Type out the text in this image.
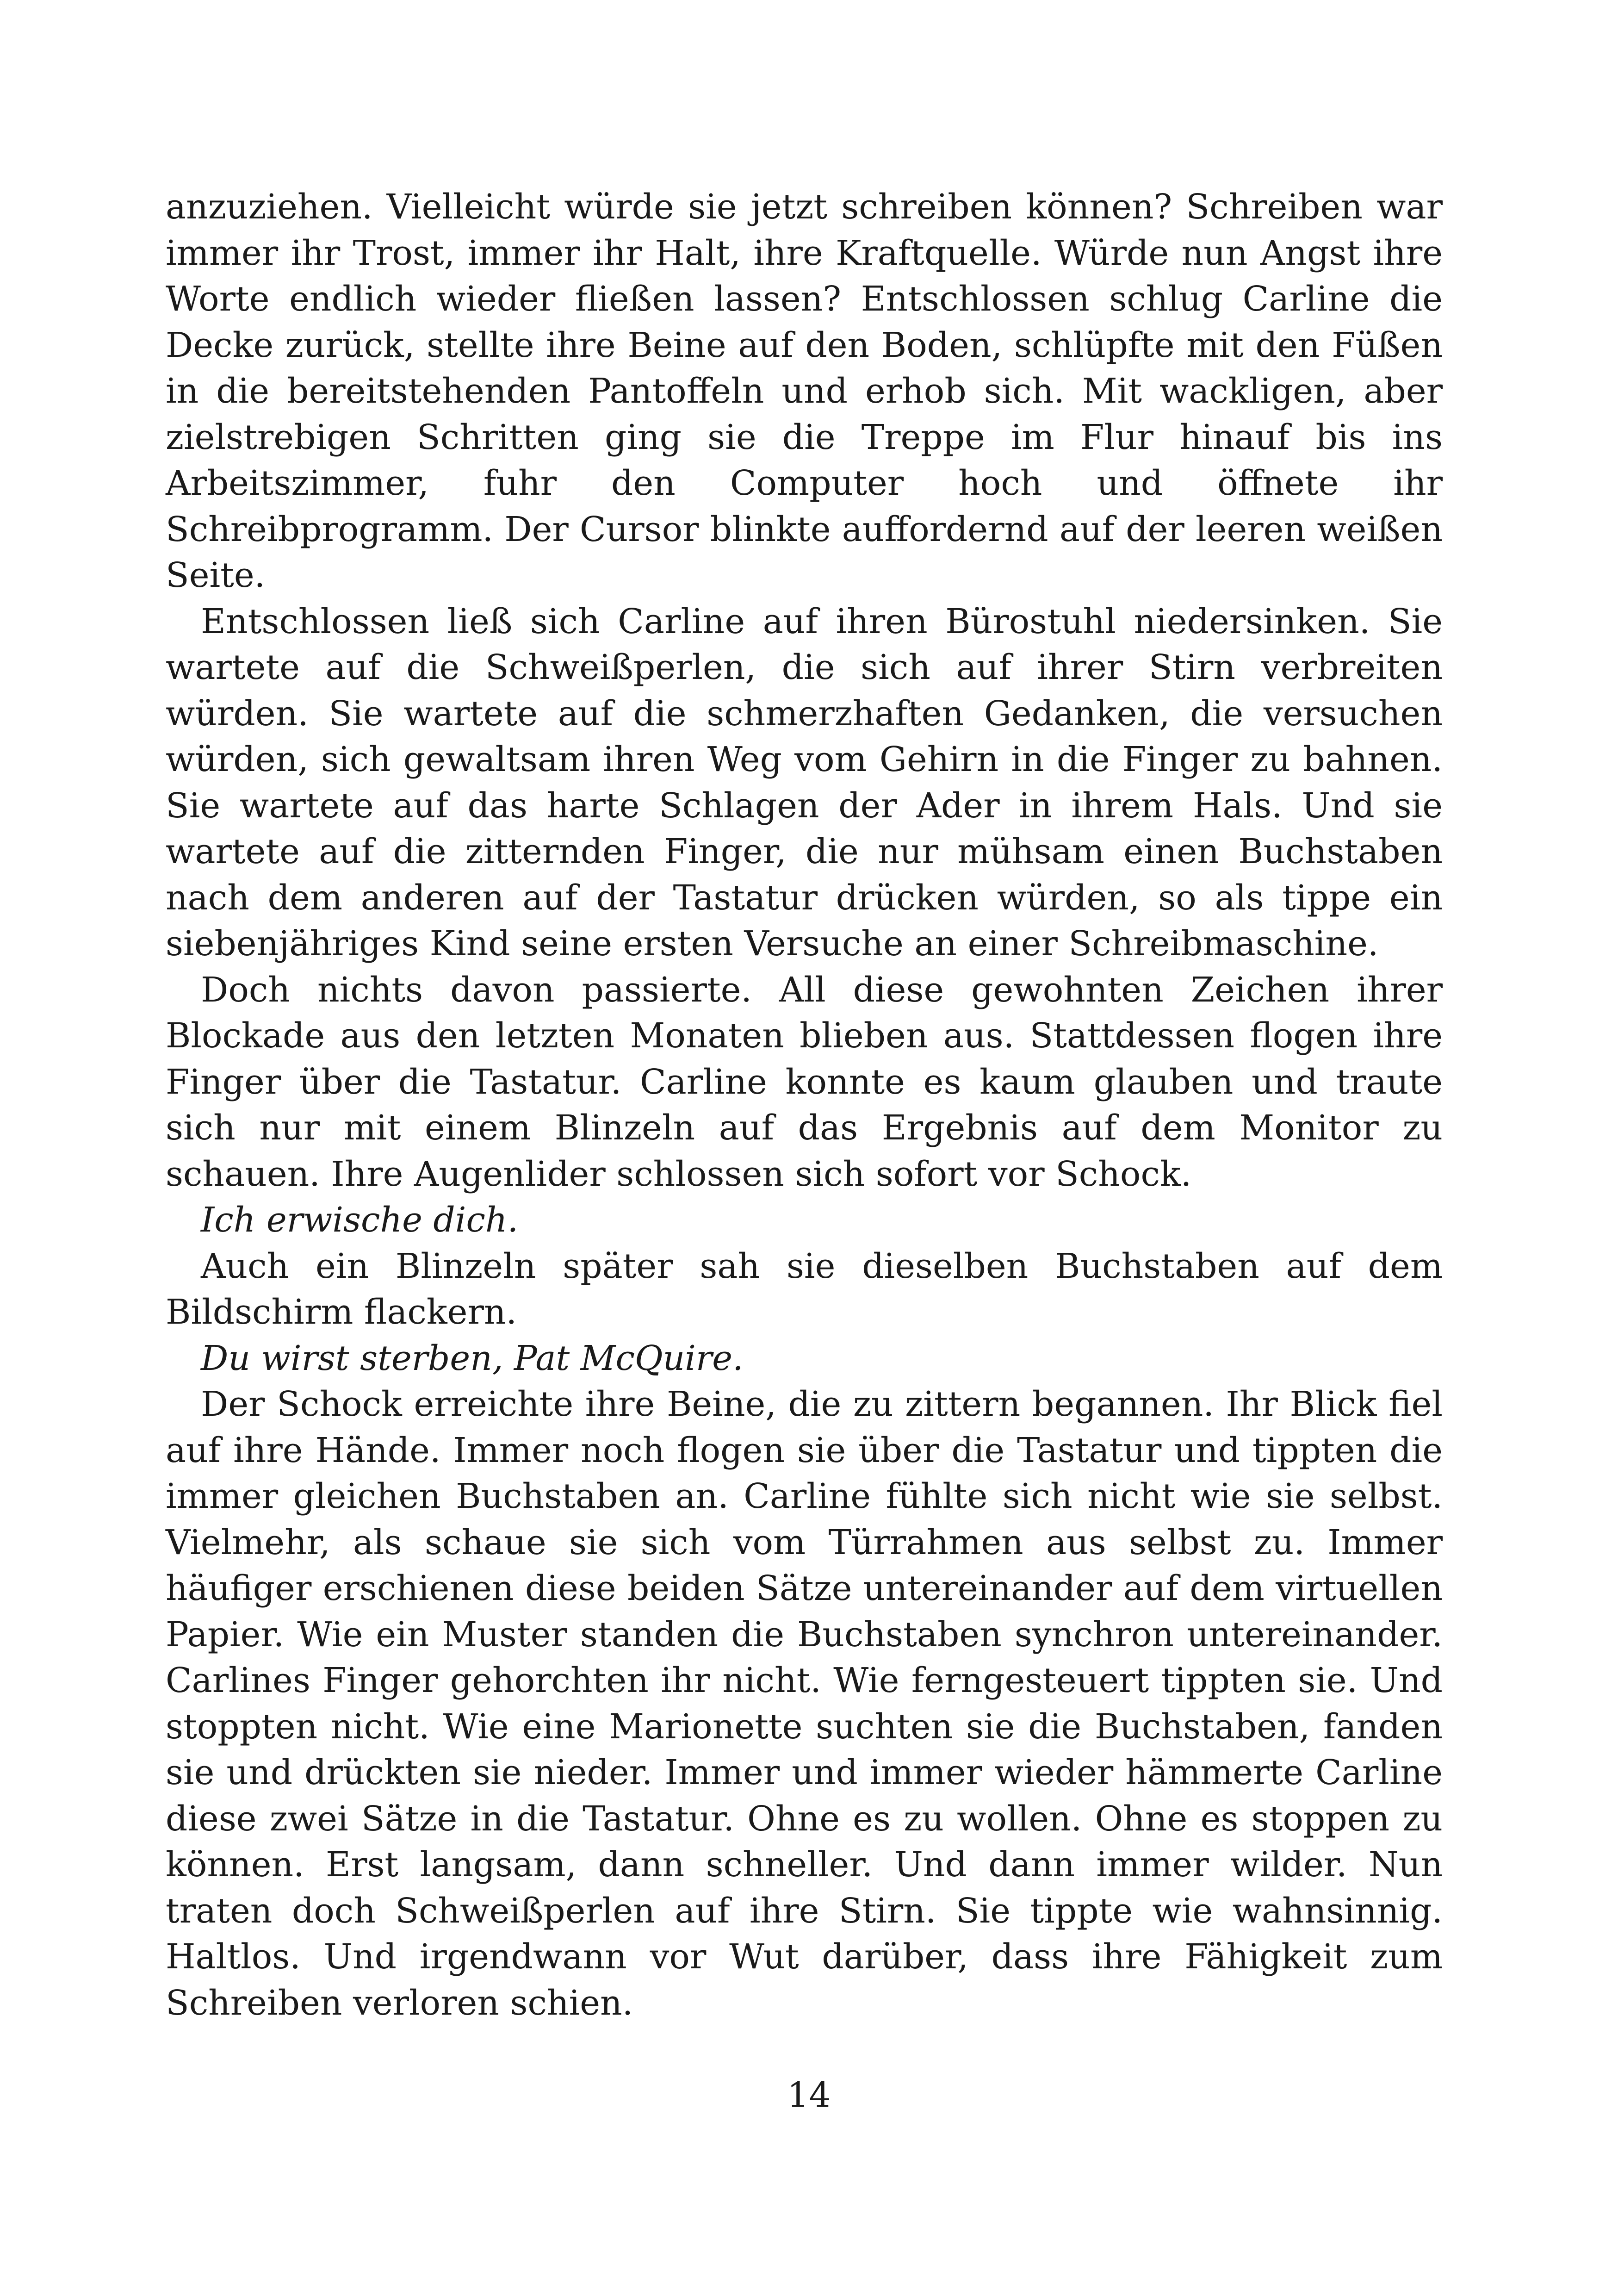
anzuziehen. Vielleicht würde sie jetzt schreiben können? Schreiben war immer ihr Trost, immer ihr Halt, ihre Kraftquelle. Würde nun Angst ihre Worte endlich wieder fließen lassen? Entschlossen schlug Carline die Decke zurück, stellte ihre Beine auf den Boden, schlüpfte mit den Füßen in die bereitstehenden Pantoffeln und erhob sich. Mit wackligen, aber zielstrebigen Schritten ging sie die Treppe im Flur hinauf bis ins Arbeitszimmer, fuhr den Computer hoch und öffnete ihr Schreibprogramm. Der Cursor blinkte auffordernd auf der leeren weißen Seite.

Entschlossen ließ sich Carline auf ihren Bürostuhl niedersinken. Sie wartete auf die Schweißperlen, die sich auf ihrer Stirn verbreiten würden. Sie wartete auf die schmerzhaften Gedanken, die versuchen würden, sich gewaltsam ihren Weg vom Gehirn in die Finger zu bahnen. Sie wartete auf das harte Schlagen der Ader in ihrem Hals. Und sie wartete auf die zitternden Finger, die nur mühsam einen Buchstaben nach dem anderen auf der Tastatur drücken würden, so als tippe ein siebenjähriges Kind seine ersten Versuche an einer Schreibmaschine.

Doch nichts davon passierte. All diese gewohnten Zeichen ihrer Blockade aus den letzten Monaten blieben aus. Stattdessen flogen ihre Finger über die Tastatur. Carline konnte es kaum glauben und traute sich nur mit einem Blinzeln auf das Ergebnis auf dem Monitor zu schauen. Ihre Augenlider schlossen sich sofort vor Schock.

Ich erwische dich.

Auch ein Blinzeln später sah sie dieselben Buchstaben auf dem Bildschirm flackern.

Du wirst sterben, Pat McQuire.

Der Schock erreichte ihre Beine, die zu zittern begannen. Ihr Blick fiel auf ihre Hände. Immer noch flogen sie über die Tastatur und tippten die immer gleichen Buchstaben an. Carline fühlte sich nicht wie sie selbst. Vielmehr, als schaue sie sich vom Türrahmen aus selbst zu. Immer häufiger erschienen diese beiden Sätze untereinander auf dem virtuellen Papier. Wie ein Muster standen die Buchstaben synchron untereinander. Carlines Finger gehorchten ihr nicht. Wie ferngesteuert tippten sie. Und stoppten nicht. Wie eine Marionette suchten sie die Buchstaben, fanden sie und drückten sie nieder. Immer und immer wieder hämmerte Carline diese zwei Sätze in die Tastatur. Ohne es zu wollen. Ohne es stoppen zu können. Erst langsam, dann schneller. Und dann immer wilder. Nun traten doch Schweißperlen auf ihre Stirn. Sie tippte wie wahnsinnig. Haltlos. Und irgendwann vor Wut darüber, dass ihre Fähigkeit zum Schreiben verloren schien.

14
